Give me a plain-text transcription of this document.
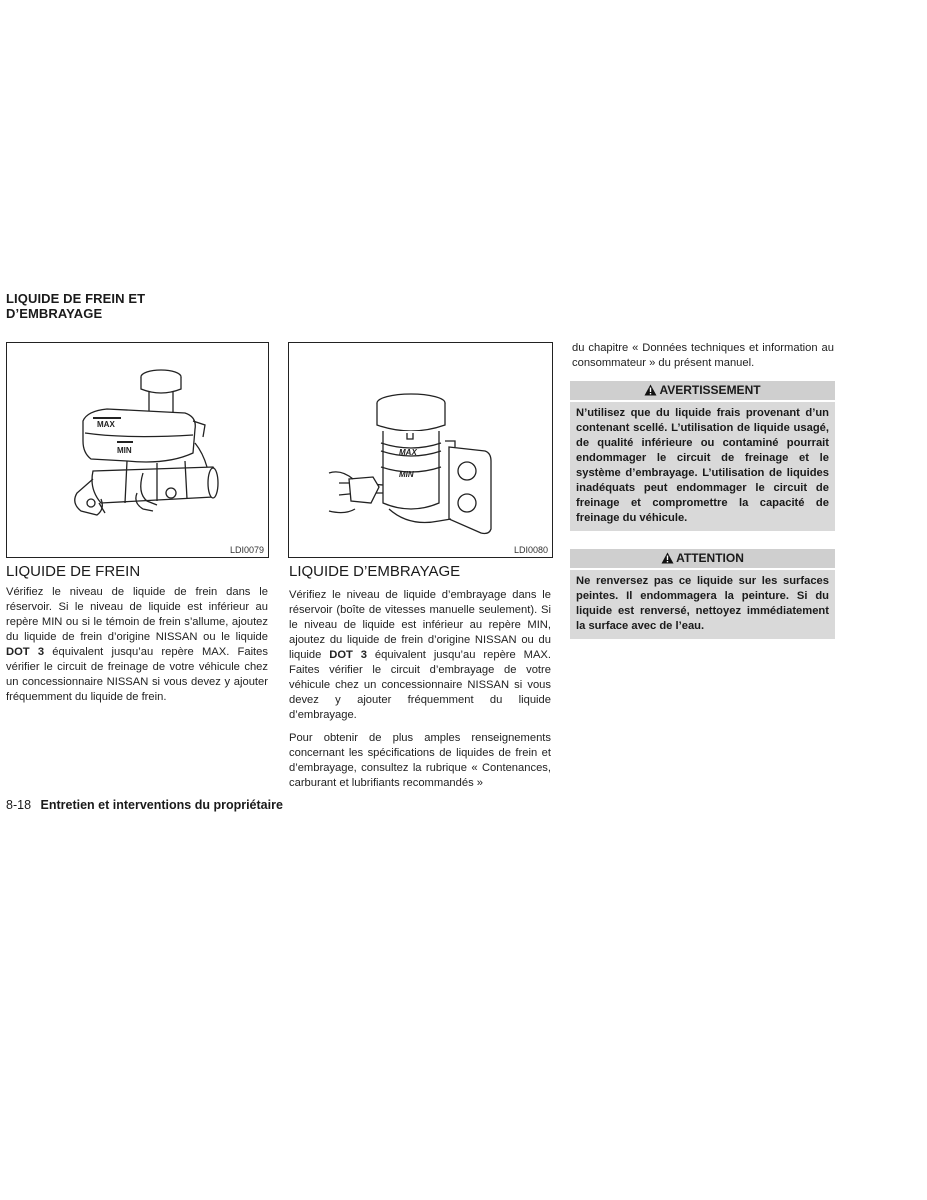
LIQUIDE DE FREIN ET
D’EMBRAYAGE
MAX
MIN
LDI0079
MAX
MIN
LDI0080
LIQUIDE DE FREIN

Vérifiez le niveau de liquide de frein dans le réservoir. Si le niveau de liquide est inférieur au repère MIN ou si le témoin de frein s’allume, ajoutez du liquide de frein d’origine NISSAN ou le liquide DOT 3 équivalent jusqu’au repère MAX. Faites vérifier le circuit de freinage de votre véhicule chez un concessionnaire NISSAN si vous devez y ajouter fréquemment du liquide de frein.

LIQUIDE D’EMBRAYAGE

Vérifiez le niveau de liquide d’embrayage dans le réservoir (boîte de vitesses manuelle seulement). Si le niveau de liquide est inférieur au repère MIN, ajoutez du liquide de frein d’origine NISSAN ou du liquide DOT 3 équivalent jusqu’au repère MAX. Faites vérifier le circuit d’embrayage de votre véhicule chez un concessionnaire NISSAN si vous devez y ajouter fréquemment du liquide d’embrayage.

Pour obtenir de plus amples renseignements concernant les spécifications de liquides de frein et d’embrayage, consultez la rubrique « Contenances, carburant et lubrifiants recommandés »

du chapitre « Données techniques et information au consommateur » du présent manuel.
AVERTISSEMENT
N’utilisez que du liquide frais provenant d’un contenant scellé. L’utilisation de liquide usagé, de qualité inférieure ou contaminé pourrait endommager le circuit de freinage et le système d’embrayage. L’utilisation de liquides inadéquats peut endommager le circuit de freinage et compromettre la capacité de freinage du véhicule.
ATTENTION
Ne renversez pas ce liquide sur les surfaces peintes. Il endommagera la peinture. Si du liquide est renversé, nettoyez immédiatement la surface avec de l’eau.
8-18 Entretien et interventions du propriétaire
